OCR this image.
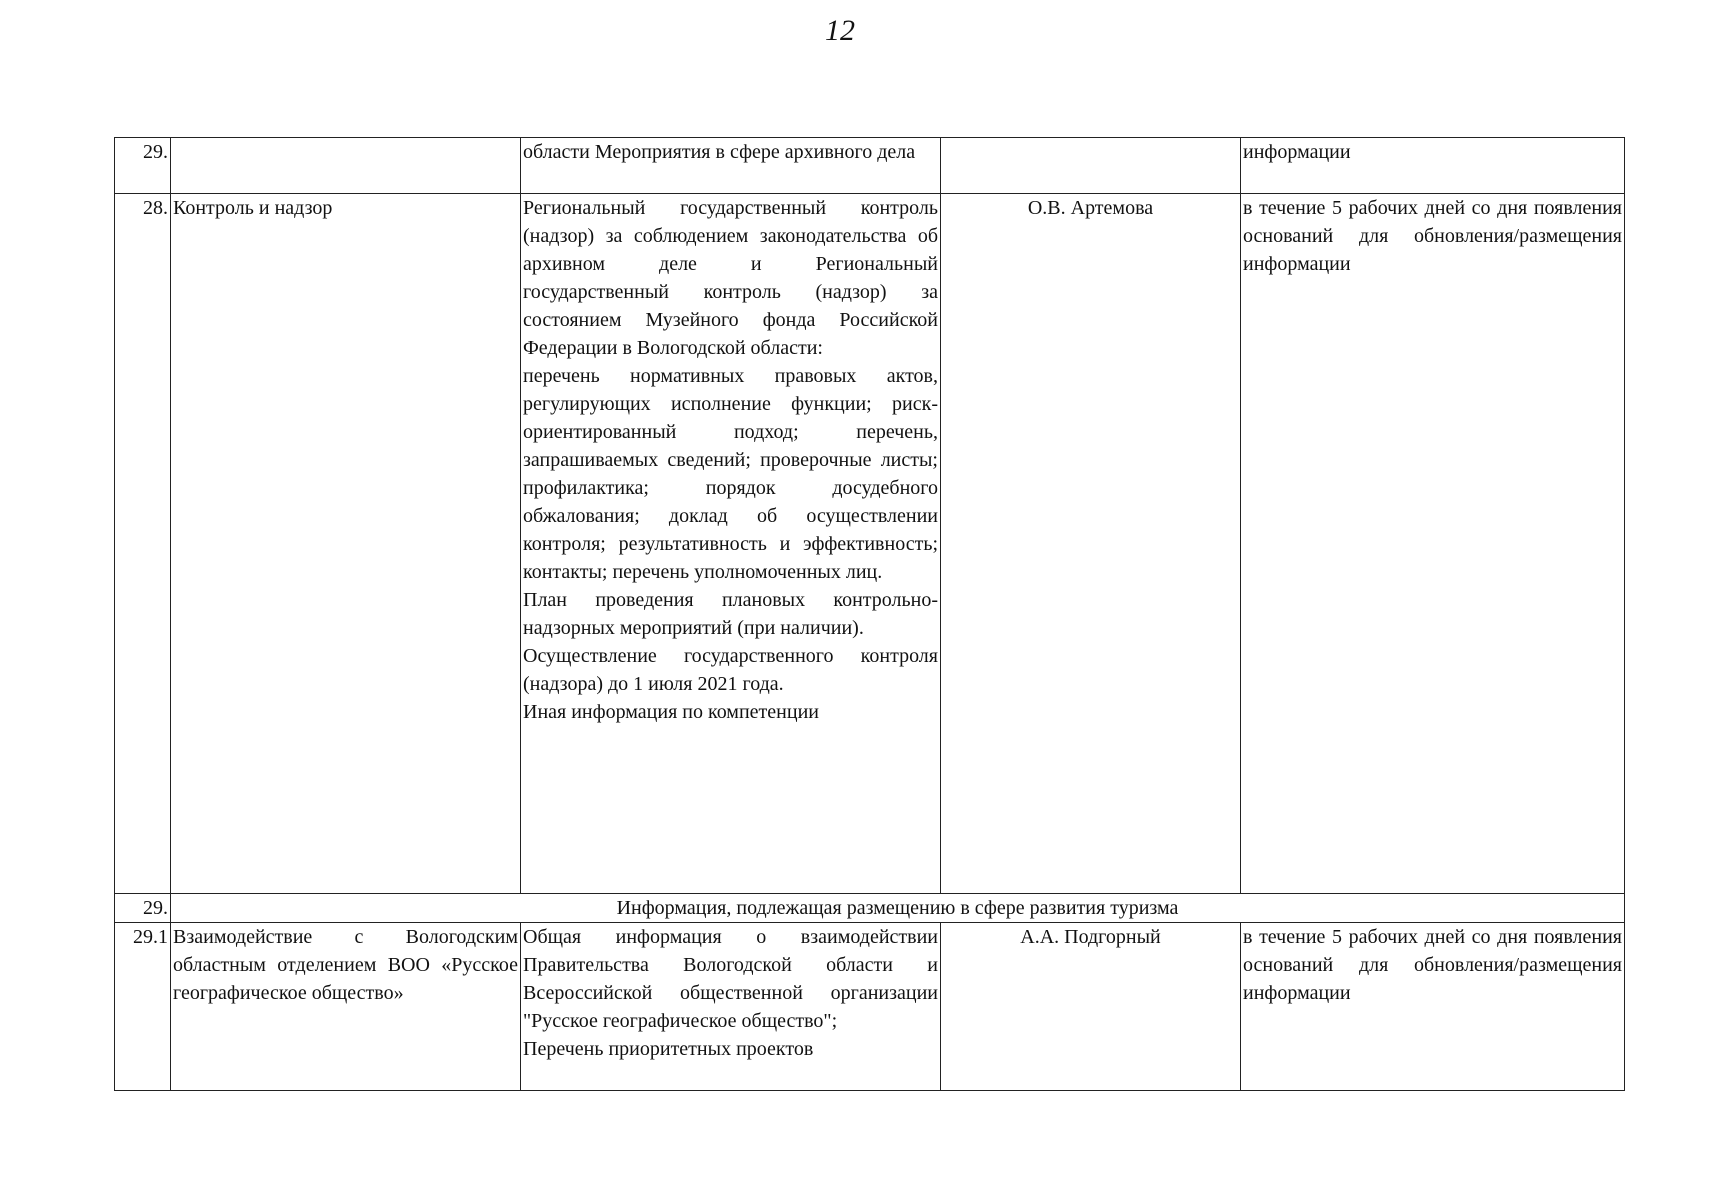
12
29.		области Мероприятия в сфере архивного дела		информации
28.	Контроль и надзор	Региональный государственный контроль (надзор) за соблюдением законодательства об архивном деле и Региональный государственный контроль (надзор) за состоянием Музейного фонда Российской Федерации в Вологодской области:
перечень нормативных правовых актов, регулирующих исполнение функции; риск-ориентированный подход; перечень, запрашиваемых сведений; проверочные листы; профилактика; порядок досудебного обжалования; доклад об осуществлении контроля; результативность и эффективность; контакты; перечень уполномоченных лиц.
План проведения плановых контрольно-надзорных мероприятий (при наличии).
Осуществление государственного контроля (надзора) до 1 июля 2021 года.
Иная информация по компетенции	О.В. Артемова	в течение 5 рабочих дней со дня появления оснований для обновления/размещения информации
29.	Информация, подлежащая размещению в сфере развития туризма			
29.1	Взаимодействие с Вологодским областным отделением ВОО «Русское географическое общество»	Общая информация о взаимодействии Правительства Вологодской области и Всероссийской общественной организации "Русское географическое общество";
Перечень приоритетных проектов	А.А. Подгорный	в течение 5 рабочих дней со дня появления оснований для обновления/размещения информации
